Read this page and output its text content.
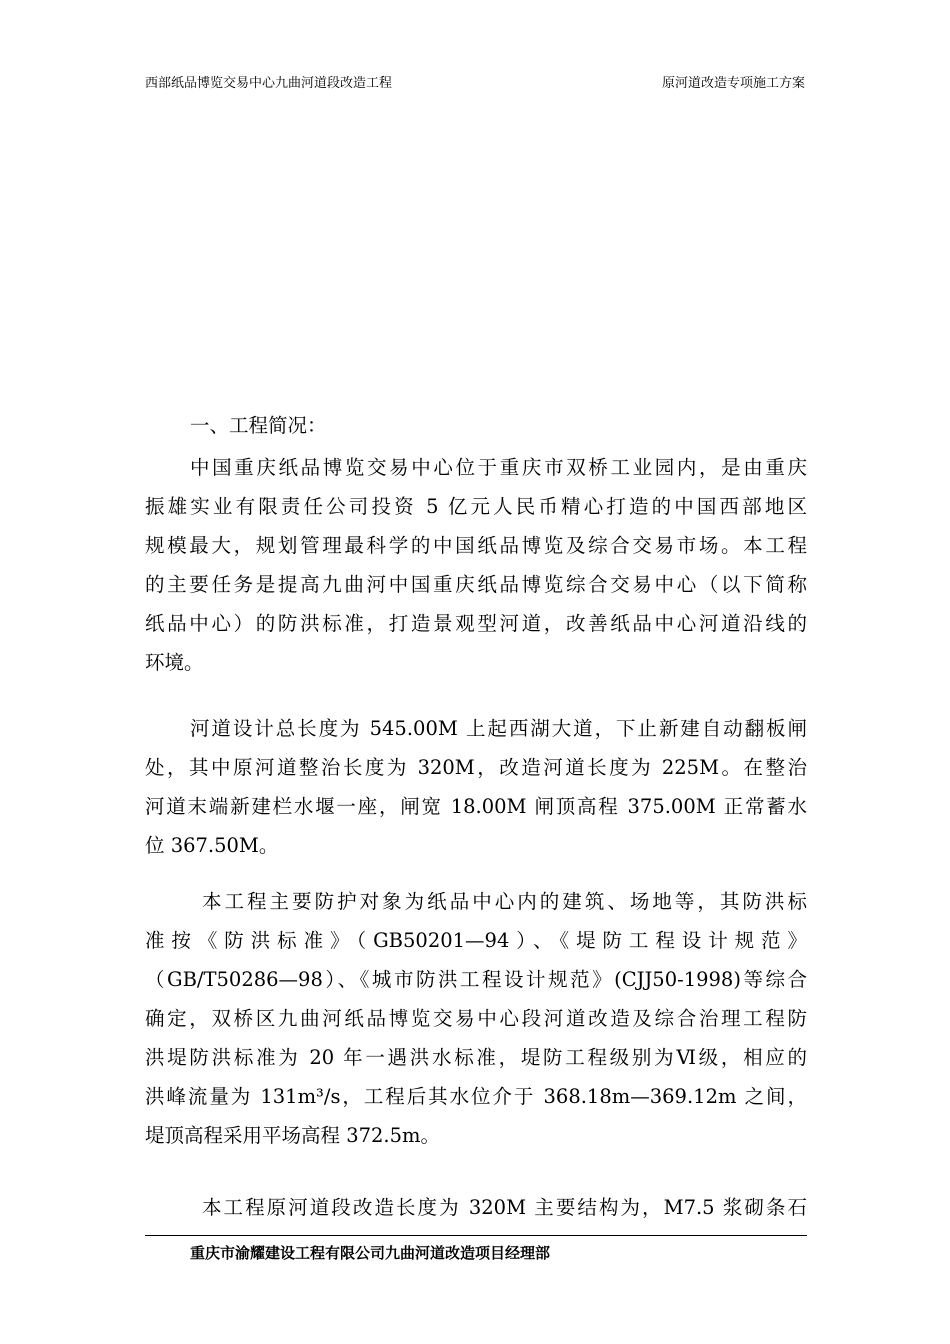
西部纸品博览交易中心九曲河道段改造工程	原河道改造专项施工方案
一、工程简况：
中国重庆纸品博览交易中心位于重庆市双桥工业园内，是由重庆
振雄实业有限责任公司投资 5 亿元人民币精心打造的中国西部地区
规模最大，规划管理最科学的中国纸品博览及综合交易市场。本工程
的主要任务是提高九曲河中国重庆纸品博览综合交易中心（以下简称
纸品中心）的防洪标准，打造景观型河道，改善纸品中心河道沿线的
环境。
河道设计总长度为 545.00M 上起西湖大道，下止新建自动翻板闸
处，其中原河道整治长度为 320M，改造河道长度为 225M。在整治
河道末端新建栏水堰一座，闸宽 18.00M 闸顶高程 375.00M 正常蓄水
位 367.50M。
本工程主要防护对象为纸品中心内的建筑、场地等，其防洪标
准按《防洪标准》（GB50201—94）、《堤防工程设计规范》
（GB/T50286—98）、《城市防洪工程设计规范》(CJJ50-1998)等综合
确定，双桥区九曲河纸品博览交易中心段河道改造及综合治理工程防
洪堤防洪标准为 20 年一遇洪水标准，堤防工程级别为Ⅵ级，相应的
洪峰流量为 131m³/s，工程后其水位介于 368.18m—369.12m 之间，
堤顶高程采用平场高程 372.5m。
本工程原河道段改造长度为 320M 主要结构为，M7.5 浆砌条石
重庆市渝耀建设工程有限公司九曲河道改造项目经理部
